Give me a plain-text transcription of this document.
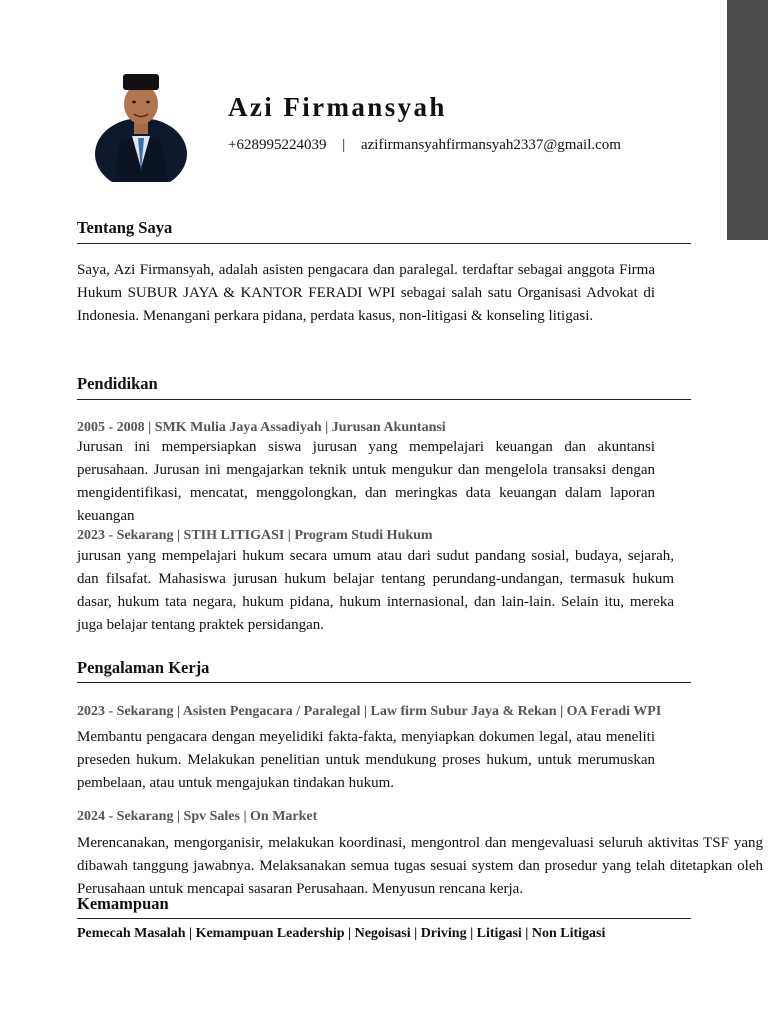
Azi Firmansyah
+628995224039 | azifirmansyahfirmansyah2337@gmail.com
Tentang Saya

Saya, Azi Firmansyah, adalah asisten pengacara dan paralegal. terdaftar sebagai anggota Firma Hukum SUBUR JAYA & KANTOR FERADI WPI sebagai salah satu Organisasi Advokat di Indonesia. Menangani perkara pidana, perdata kasus, non-litigasi & konseling litigasi.

Pendidikan

2005 - 2008 | SMK Mulia Jaya Assadiyah | Jurusan Akuntansi

Jurusan ini mempersiapkan siswa jurusan yang mempelajari keuangan dan akuntansi perusahaan. Jurusan ini mengajarkan teknik untuk mengukur dan mengelola transaksi dengan mengidentifikasi, mencatat, menggolongkan, dan meringkas data keuangan dalam laporan keuangan

2023 - Sekarang | STIH LITIGASI | Program Studi Hukum

jurusan yang mempelajari hukum secara umum atau dari sudut pandang sosial, budaya, sejarah, dan filsafat. Mahasiswa jurusan hukum belajar tentang perundang-undangan, termasuk hukum dasar, hukum tata negara, hukum pidana, hukum internasional, dan lain-lain. Selain itu, mereka juga belajar tentang praktek persidangan.

Pengalaman Kerja

2023 - Sekarang | Asisten Pengacara / Paralegal | Law firm Subur Jaya & Rekan | OA Feradi WPI

Membantu pengacara dengan meyelidiki fakta-fakta, menyiapkan dokumen legal, atau meneliti preseden hukum. Melakukan penelitian untuk mendukung proses hukum, untuk merumuskan pembelaan, atau untuk mengajukan tindakan hukum.

2024 - Sekarang | Spv Sales | On Market

Merencanakan, mengorganisir, melakukan koordinasi, mengontrol dan mengevaluasi seluruh aktivitas TSF yang dibawah tanggung jawabnya. Melaksanakan semua tugas sesuai system dan prosedur yang telah ditetapkan oleh Perusahaan untuk mencapai sasaran Perusahaan. Menyusun rencana kerja.

Kemampuan
Pemecah Masalah | Kemampuan Leadership | Negoisasi | Driving | Litigasi | Non Litigasi
